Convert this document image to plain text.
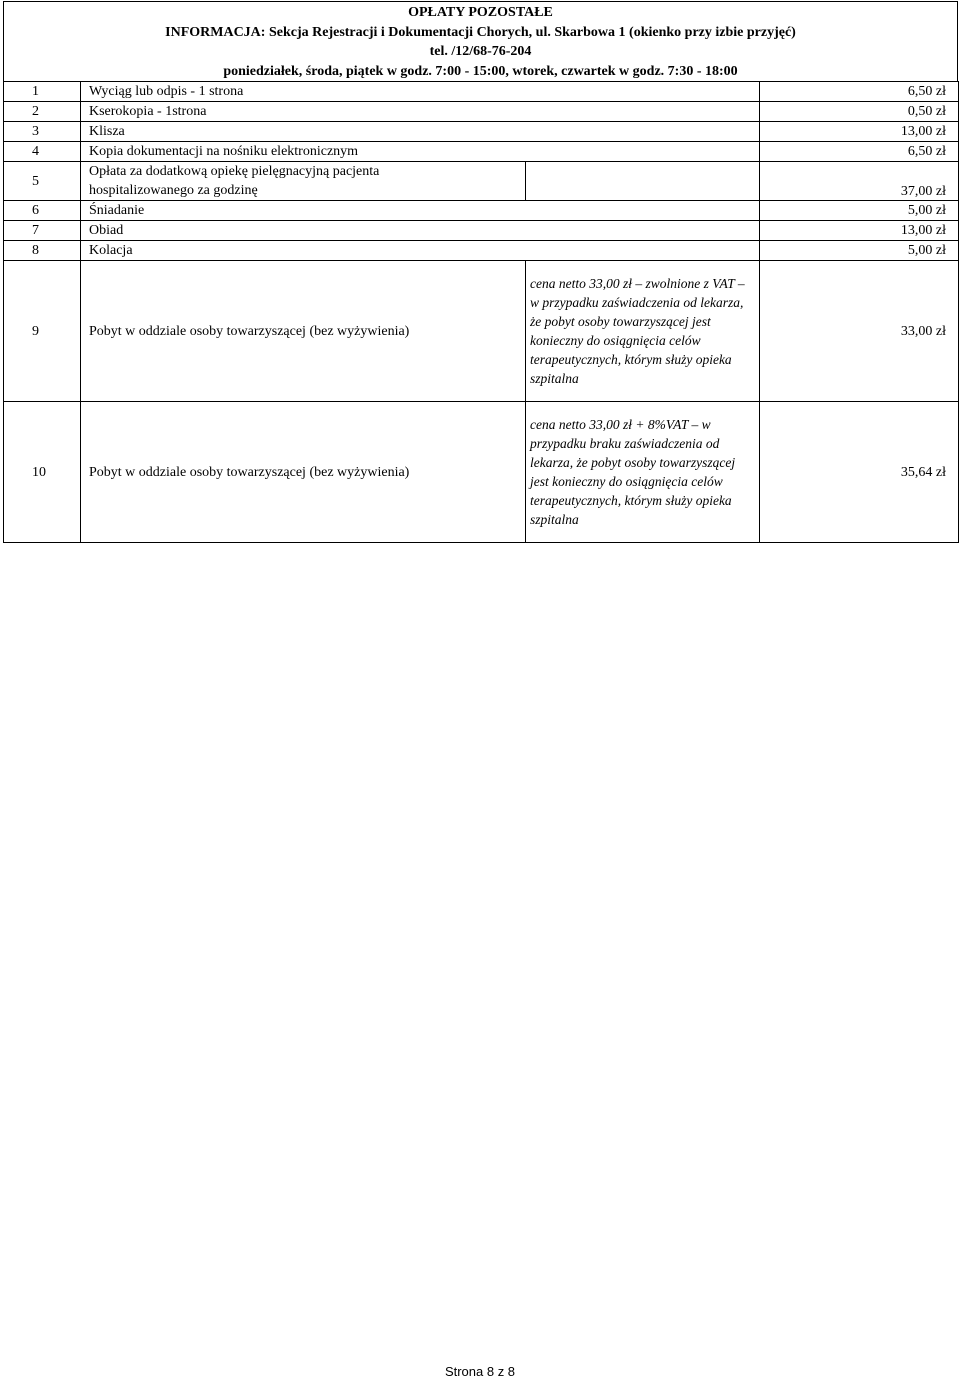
OPŁATY POZOSTAŁE
INFORMACJA: Sekcja Rejestracji i Dokumentacji Chorych, ul. Skarbowa 1 (okienko przy izbie przyjęć)
tel. /12/68-76-204
poniedziałek, środa, piątek w godz. 7:00 - 15:00, wtorek, czwartek w godz. 7:30 - 18:00
1	Wyciąg lub odpis - 1 strona		6,50 zł
2	Kserokopia - 1strona		0,50 zł
3	Klisza		13,00 zł
4	Kopia dokumentacji na nośniku elektronicznym		6,50 zł
5	Opłata za dodatkową opiekę pielęgnacyjną pacjenta
hospitalizowanego za godzinę		37,00 zł
6	Śniadanie		5,00 zł
7	Obiad		13,00 zł
8	Kolacja		5,00 zł
9	Pobyt w oddziale osoby towarzyszącej (bez wyżywienia)	cena netto 33,00 zł – zwolnione z VAT – w przypadku zaświadczenia od lekarza, że pobyt osoby towarzyszącej jest konieczny do osiągnięcia celów terapeutycznych, którym służy opieka szpitalna	33,00 zł
10	Pobyt w oddziale osoby towarzyszącej (bez wyżywienia)	cena netto 33,00 zł + 8%VAT – w przypadku braku zaświadczenia od lekarza, że pobyt osoby towarzyszącej jest konieczny do osiągnięcia celów terapeutycznych, którym służy opieka szpitalna	35,64 zł
Strona 8 z 8
